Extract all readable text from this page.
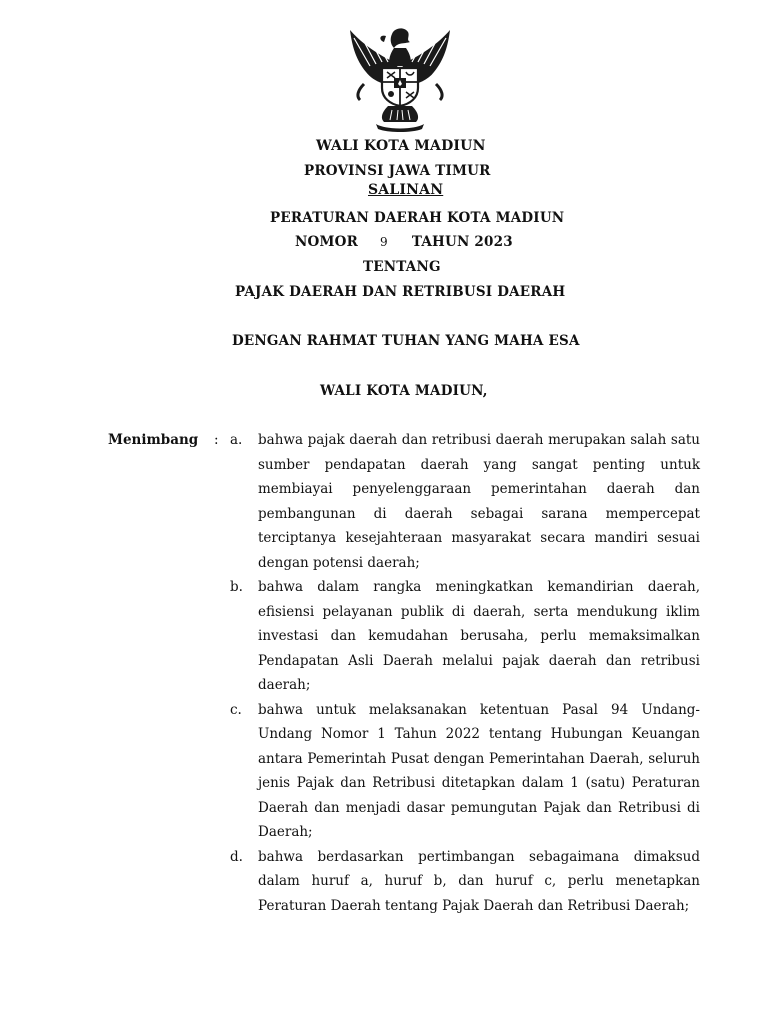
WALI KOTA MADIUN
PROVINSI JAWA TIMUR
SALINAN
PERATURAN DAERAH KOTA MADIUN
NOMOR 9 TAHUN 2023
TENTANG
PAJAK DAERAH DAN RETRIBUSI DAERAH
DENGAN RAHMAT TUHAN YANG MAHA ESA
WALI KOTA MADIUN,
Menimbang : a.	bahwa pajak daerah dan retribusi daerah merupakan salah satu sumber pendapatan daerah yang sangat penting untuk membiayai penyelenggaraan pemerintahan daerah dan pembangunan di daerah sebagai sarana mempercepat terciptanya kesejahteraan masyarakat secara mandiri sesuai dengan potensi daerah;
b.	bahwa dalam rangka meningkatkan kemandirian daerah, efisiensi pelayanan publik di daerah, serta mendukung iklim investasi dan kemudahan berusaha, perlu memaksimalkan Pendapatan Asli Daerah melalui pajak daerah dan retribusi daerah;
c.	bahwa untuk melaksanakan ketentuan Pasal 94 Undang-Undang Nomor 1 Tahun 2022 tentang Hubungan Keuangan antara Pemerintah Pusat dengan Pemerintahan Daerah, seluruh jenis Pajak dan Retribusi ditetapkan dalam 1 (satu) Peraturan Daerah dan menjadi dasar pemungutan Pajak dan Retribusi di Daerah;
d.	bahwa berdasarkan pertimbangan sebagaimana dimaksud dalam huruf a, huruf b, dan huruf c, perlu menetapkan Peraturan Daerah tentang Pajak Daerah dan Retribusi Daerah;
